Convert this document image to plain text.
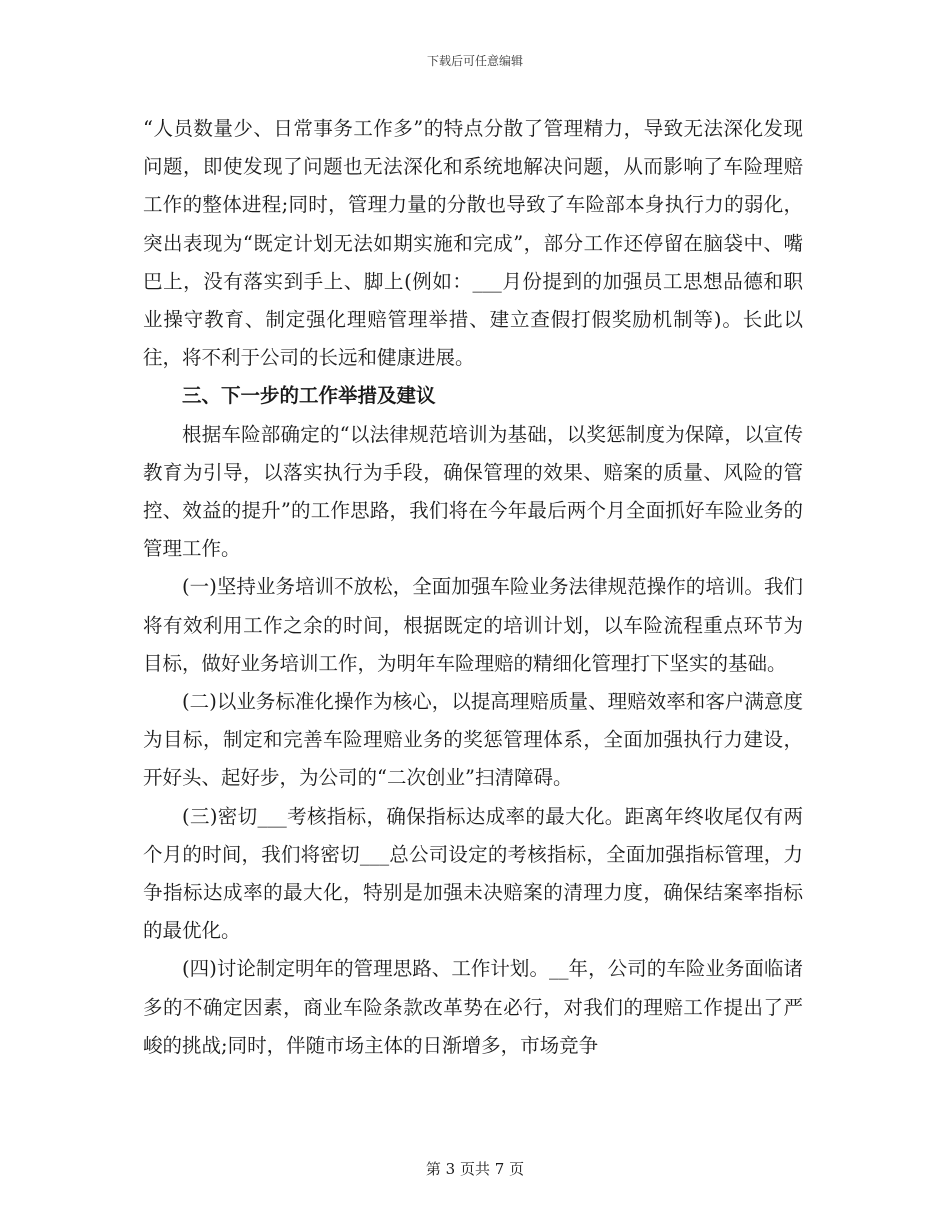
下载后可任意编辑

“人员数量少、日常事务工作多”的特点分散了管理精力，导致无法深化发现问题，即使发现了问题也无法深化和系统地解决问题，从而影响了车险理赔工作的整体进程;同时，管理力量的分散也导致了车险部本身执行力的弱化，突出表现为“既定计划无法如期实施和完成”，部分工作还停留在脑袋中、嘴巴上，没有落实到手上、脚上(例如：___月份提到的加强员工思想品德和职业操守教育、制定强化理赔管理举措、建立查假打假奖励机制等)。长此以往，将不利于公司的长远和健康进展。

三、下一步的工作举措及建议

根据车险部确定的“以法律规范培训为基础，以奖惩制度为保障，以宣传教育为引导，以落实执行为手段，确保管理的效果、赔案的质量、风险的管控、效益的提升”的工作思路，我们将在今年最后两个月全面抓好车险业务的管理工作。

(一)坚持业务培训不放松，全面加强车险业务法律规范操作的培训。我们将有效利用工作之余的时间，根据既定的培训计划，以车险流程重点环节为目标，做好业务培训工作，为明年车险理赔的精细化管理打下坚实的基础。

(二)以业务标准化操作为核心，以提高理赔质量、理赔效率和客户满意度为目标，制定和完善车险理赔业务的奖惩管理体系，全面加强执行力建设，开好头、起好步，为公司的“二次创业”扫清障碍。

(三)密切___考核指标，确保指标达成率的最大化。距离年终收尾仅有两个月的时间，我们将密切___总公司设定的考核指标，全面加强指标管理，力争指标达成率的最大化，特别是加强未决赔案的清理力度，确保结案率指标的最优化。

(四)讨论制定明年的管理思路、工作计划。__年，公司的车险业务面临诸多的不确定因素，商业车险条款改革势在必行，对我们的理赔工作提出了严峻的挑战;同时，伴随市场主体的日渐增多，市场竞争

第 3 页共 7 页
